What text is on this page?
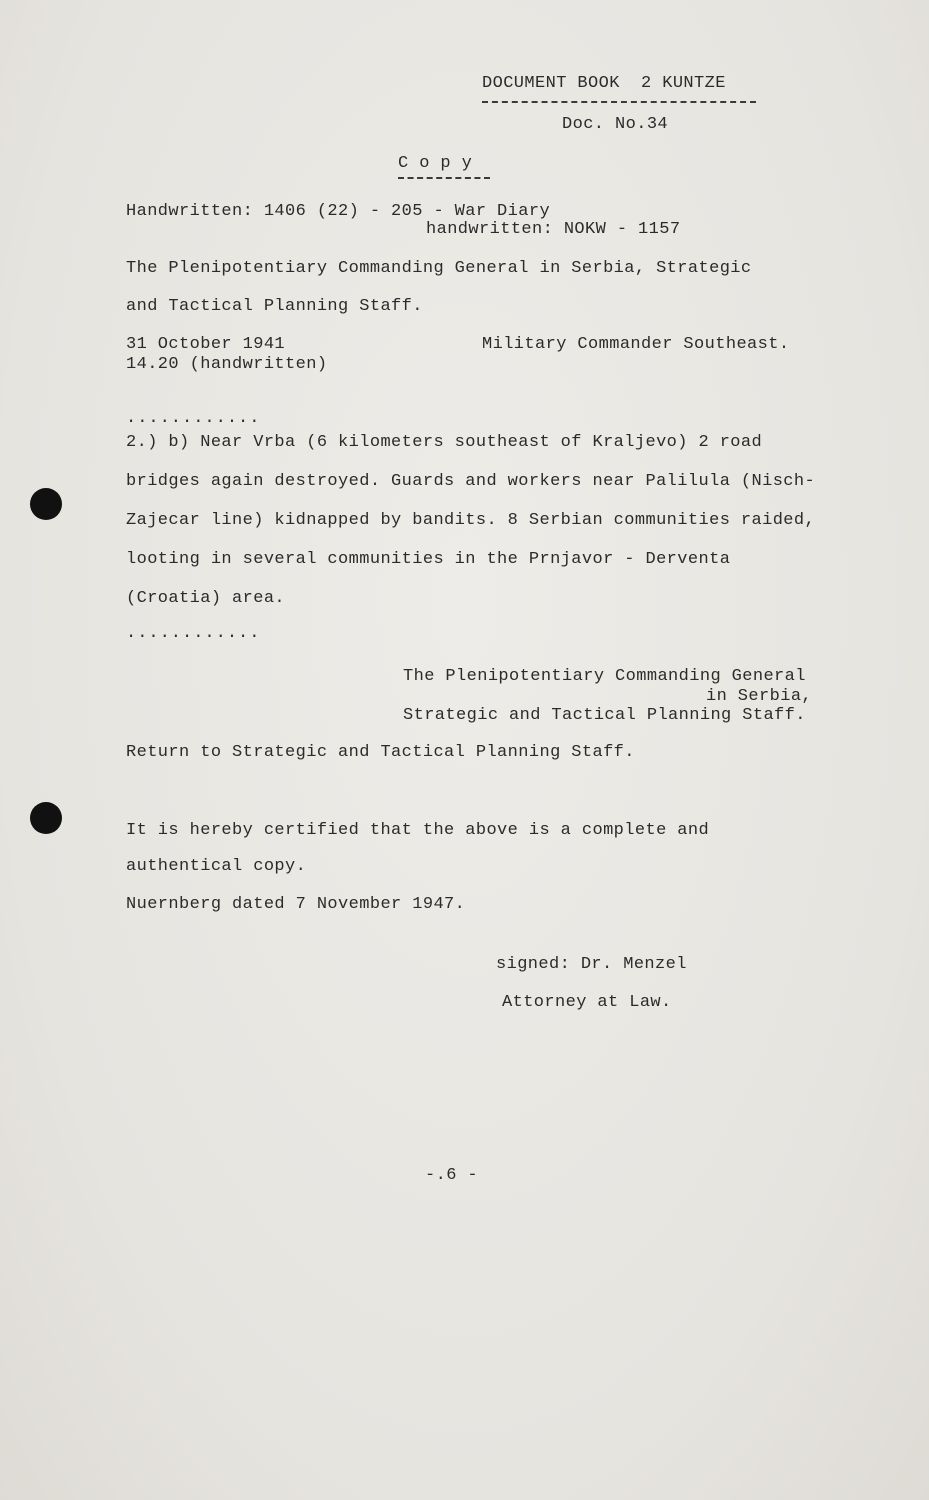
DOCUMENT BOOK  2 KUNTZE
Doc. No.34
C o p y
Handwritten: 1406 (22) - 205 - War Diary
handwritten: NOKW - 1157
The Plenipotentiary Commanding General in Serbia, Strategic
and Tactical Planning Staff.
31 October 1941	Military Commander Southeast.
14.20 (handwritten)
............
2.) b) Near Vrba (6 kilometers southeast of Kraljevo) 2 road
bridges again destroyed. Guards and workers near Palilula (Nisch-
Zajecar line) kidnapped by bandits. 8 Serbian communities raided,
looting in several communities in the Prnjavor - Derventa
(Croatia) area.
............
The Plenipotentiary Commanding General
in Serbia,
Strategic and Tactical Planning Staff.
Return to Strategic and Tactical Planning Staff.
It is hereby certified that the above is a complete and
authentical copy.
Nuernberg dated 7 November 1947.
signed: Dr. Menzel
Attorney at Law.
-.6 -
